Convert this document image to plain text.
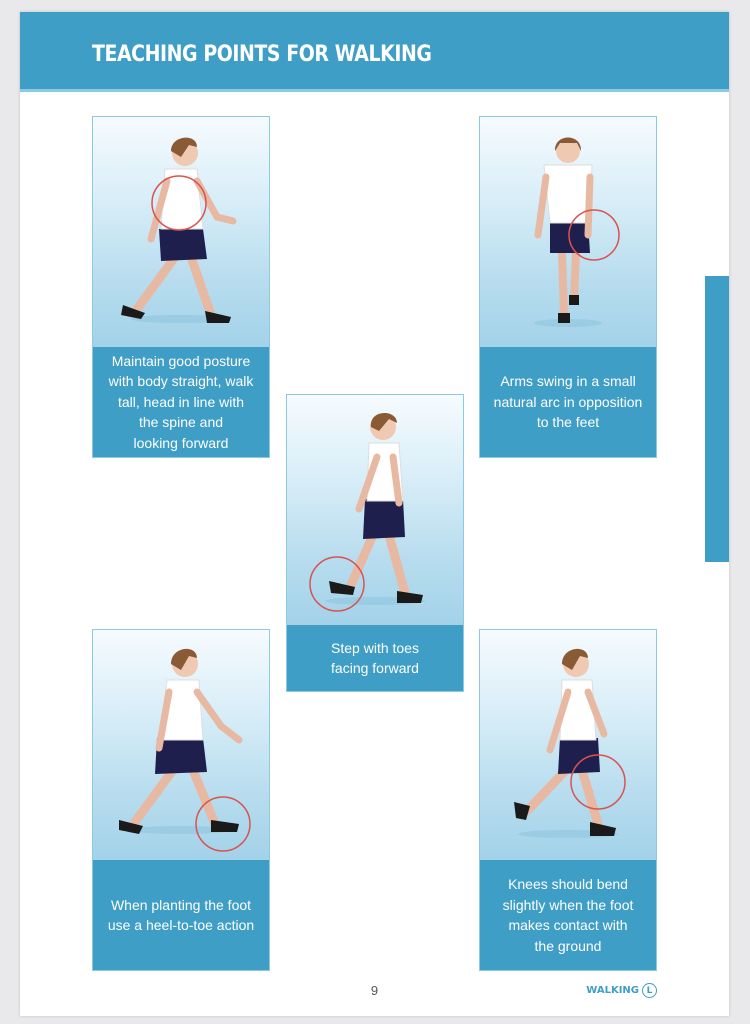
TEACHING POINTS FOR WALKING
Maintain good posture
with body straight, walk
tall, head in line with
the spine and
looking forward
Arms swing in a small
natural arc in opposition
to the feet
Step with toes
facing forward
When planting the foot
use a heel-to-toe action
Knees should bend
slightly when the foot
makes contact with
the ground
9	WALKING L
